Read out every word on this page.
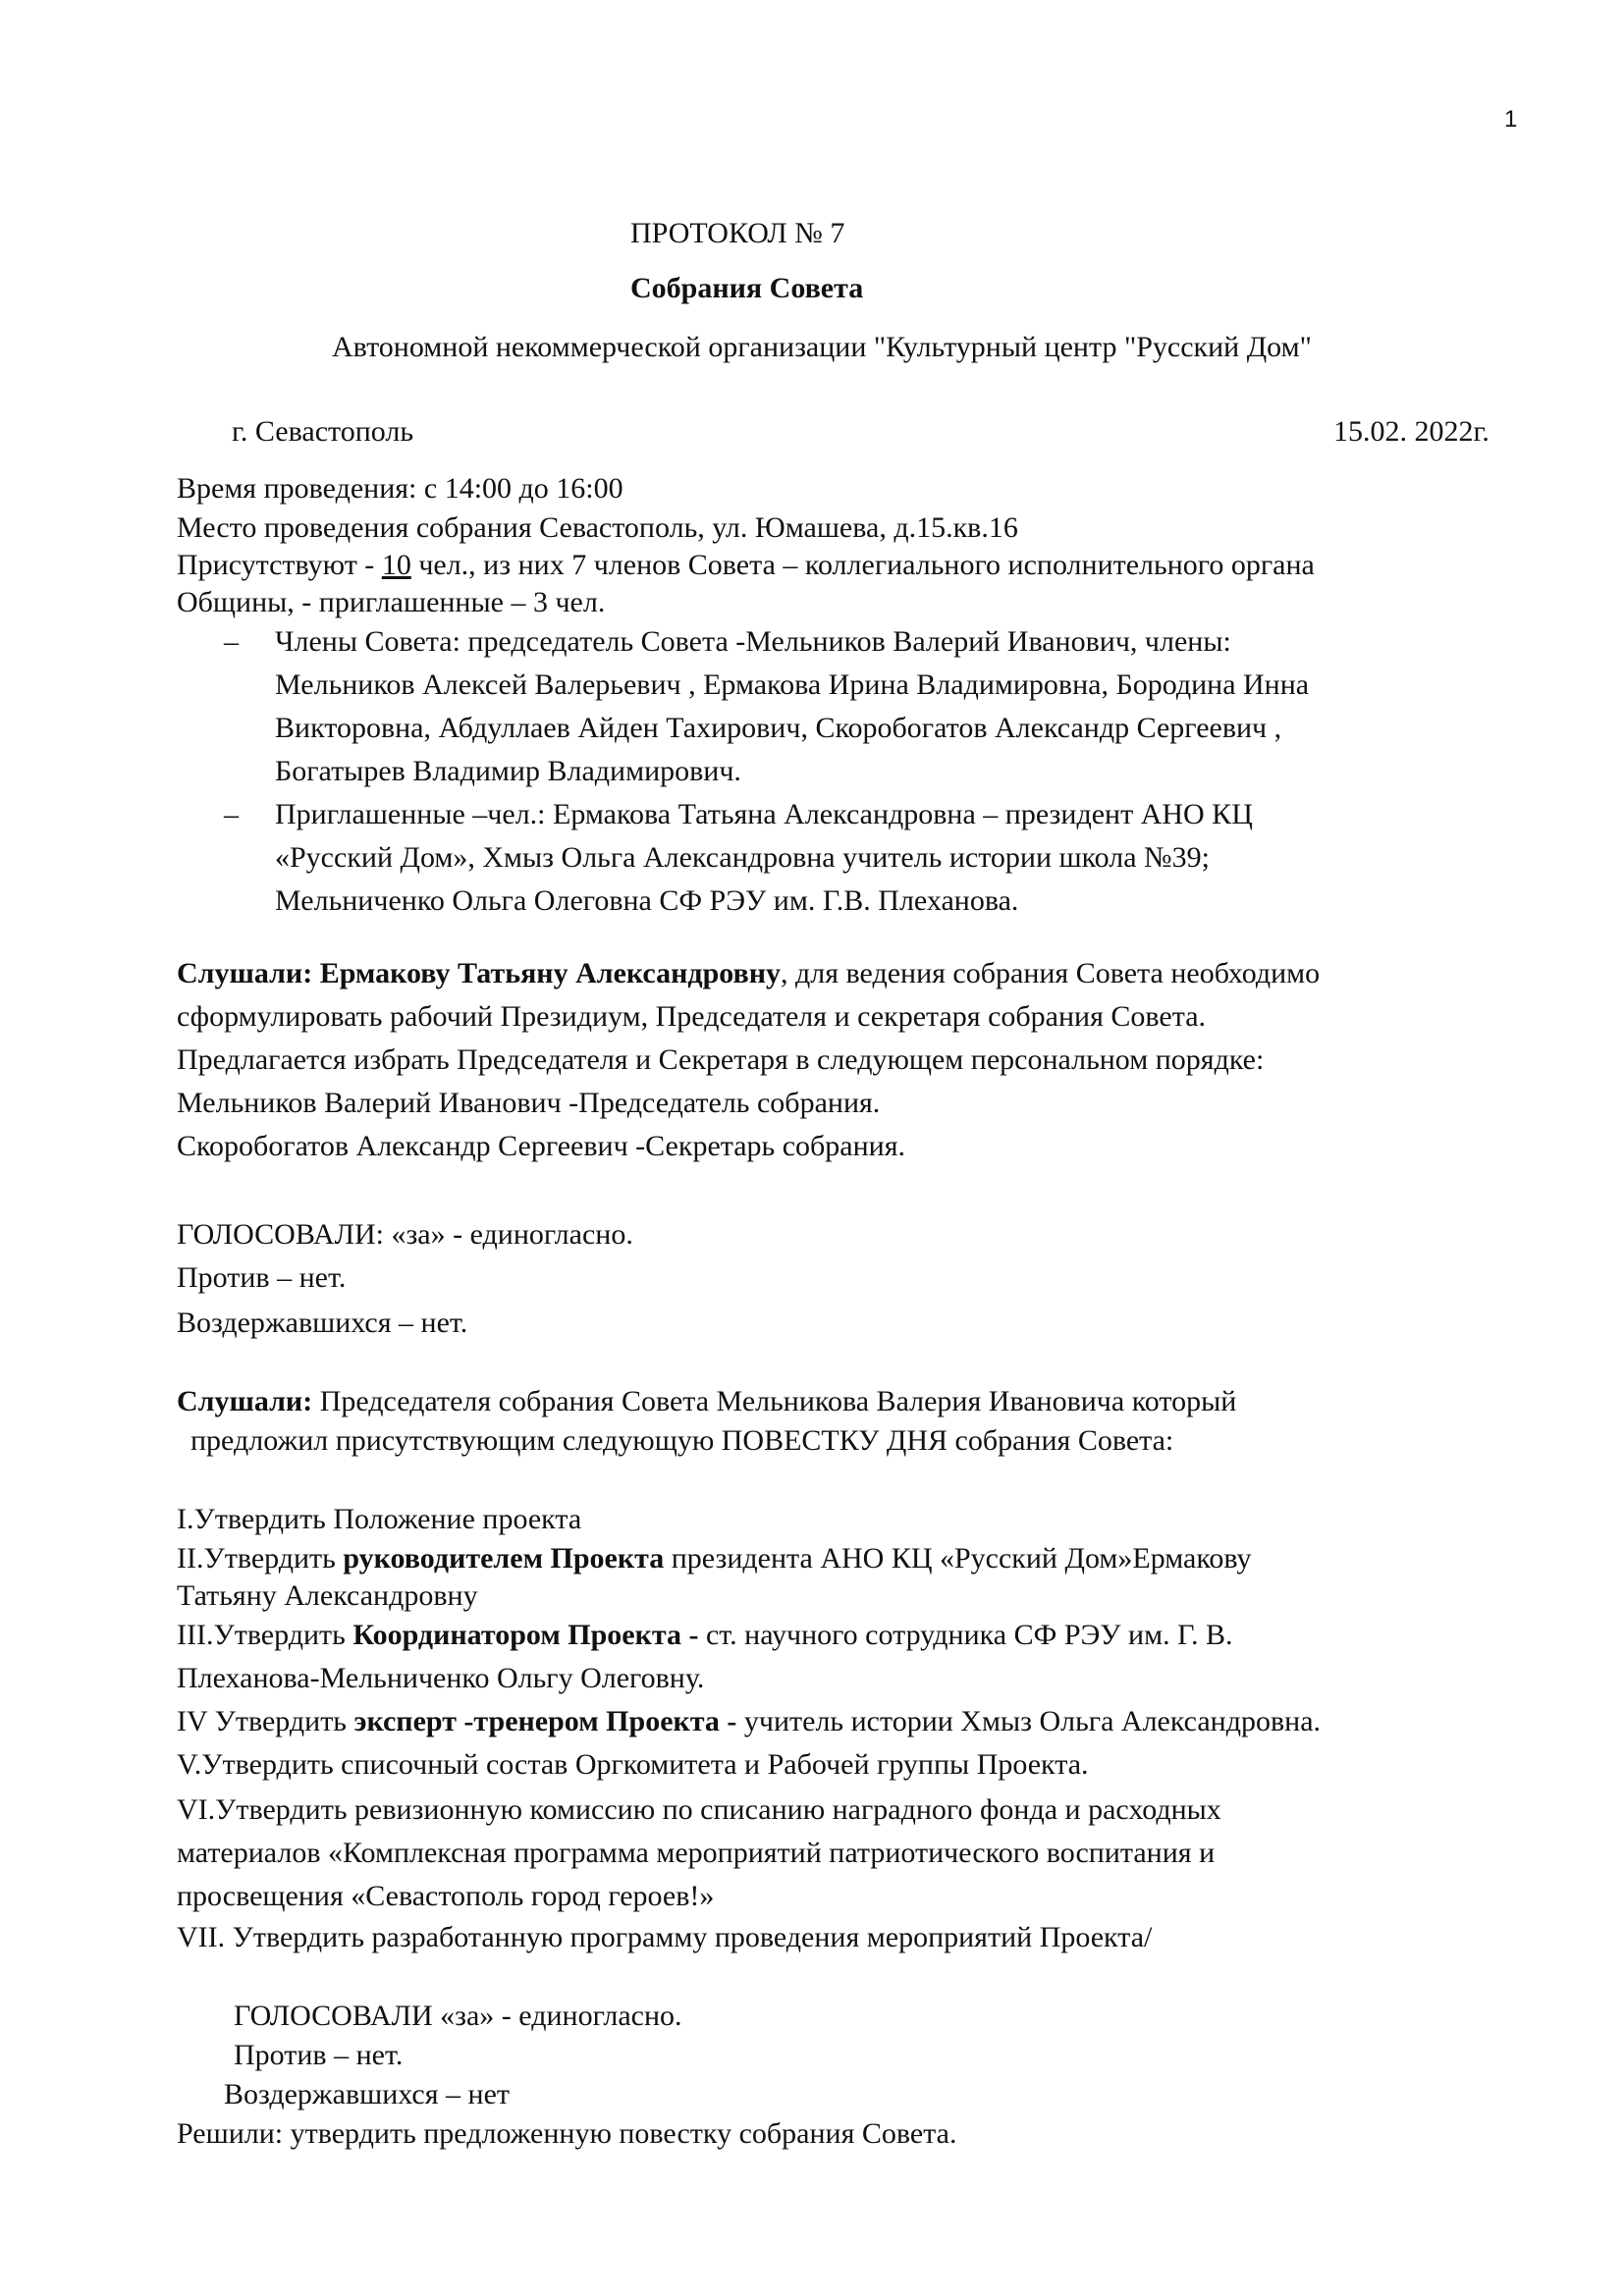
1
ПРОТОКОЛ № 7
Собрания Совета
Автономной некоммерческой организации "Культурный центр "Русский Дом"
г. Севастополь	15.02. 2022г.
Время проведения: с 14:00 до 16:00
Место проведения собрания Севастополь, ул. Юмашева, д.15.кв.16
Присутствуют - 10 чел., из них 7 членов Совета – коллегиального исполнительного органа
Общины, - приглашенные – 3 чел.
– Члены Совета: председатель Совета -Мельников Валерий Иванович, члены:
Мельников Алексей Валерьевич , Ермакова Ирина Владимировна, Бородина Инна
Викторовна, Абдуллаев Айден Тахирович, Скоробогатов Александр Сергеевич ,
Богатырев Владимир Владимирович.
– Приглашенные –чел.: Ермакова Татьяна Александровна – президент АНО КЦ
«Русский Дом», Хмыз Ольга Александровна учитель истории школа №39;
Мельниченко Ольга Олеговна СФ РЭУ им. Г.В. Плеханова.
Слушали: Ермакову Татьяну Александровну, для ведения собрания Совета необходимо
сформулировать рабочий Президиум, Председателя и секретаря собрания Совета.
Предлагается избрать Председателя и Секретаря в следующем персональном порядке:
Мельников Валерий Иванович -Председатель собрания.
Скоробогатов Александр Сергеевич -Секретарь собрания.
ГОЛОСОВАЛИ: «за» - единогласно.
Против – нет.
Воздержавшихся – нет.
Слушали: Председателя собрания Совета Мельникова Валерия Ивановича который
предложил присутствующим следующую ПОВЕСТКУ ДНЯ собрания Совета:
I.Утвердить Положение проекта
II.Утвердить руководителем Проекта президента АНО КЦ «Русский Дом»Ермакову
Татьяну Александровну
III.Утвердить Координатором Проекта - ст. научного сотрудника СФ РЭУ им. Г. В.
Плеханова-Мельниченко Ольгу Олеговну.
IV Утвердить эксперт -тренером Проекта - учитель истории Хмыз Ольга Александровна.
V.Утвердить списочный состав Оргкомитета и Рабочей группы Проекта.
VI.Утвердить ревизионную комиссию по списанию наградного фонда и расходных
материалов «Комплексная программа мероприятий патриотического воспитания и
просвещения «Севастополь город героев!»
VII. Утвердить разработанную программу проведения мероприятий Проекта/
ГОЛОСОВАЛИ «за» - единогласно.
Против – нет.
Воздержавшихся – нет
Решили: утвердить предложенную повестку собрания Совета.
